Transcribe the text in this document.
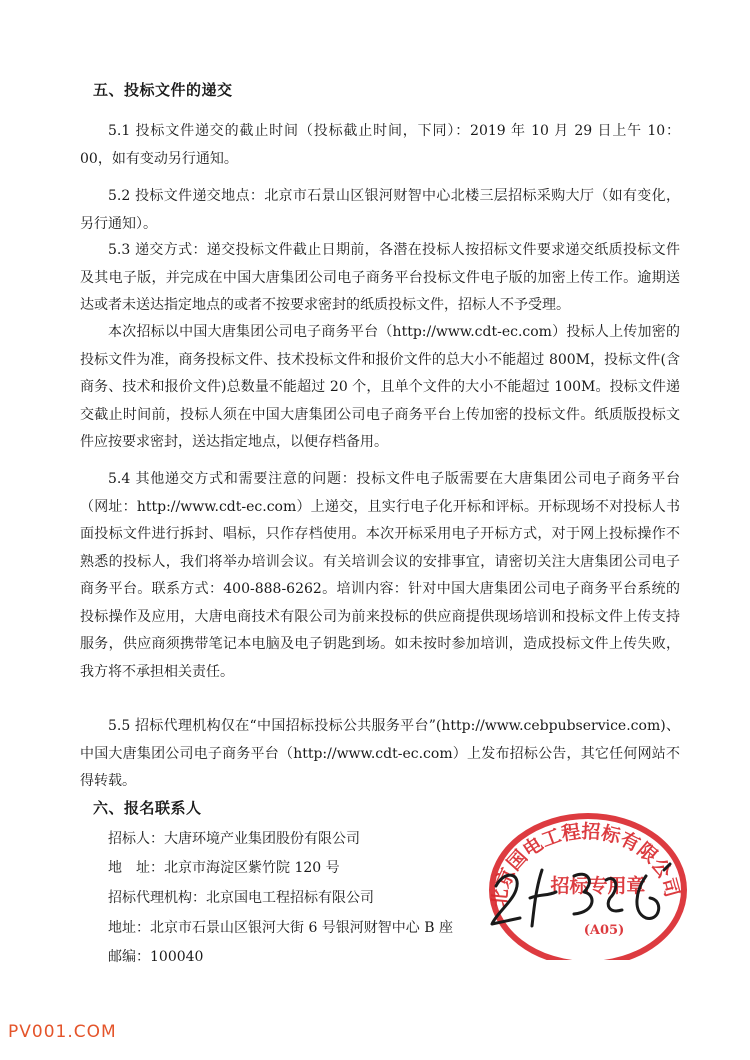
五、投标文件的递交

5.1 投标文件递交的截止时间（投标截止时间，下同）：2019 年 10 月 29 日上午 10：00，如有变动另行通知。

5.2 投标文件递交地点：北京市石景山区银河财智中心北楼三层招标采购大厅（如有变化，另行通知）。

5.3 递交方式：递交投标文件截止日期前，各潜在投标人按招标文件要求递交纸质投标文件及其电子版，并完成在中国大唐集团公司电子商务平台投标文件电子版的加密上传工作。逾期送达或者未送达指定地点的或者不按要求密封的纸质投标文件，招标人不予受理。

本次招标以中国大唐集团公司电子商务平台（http://www.cdt-ec.com）投标人上传加密的投标文件为准，商务投标文件、技术投标文件和报价文件的总大小不能超过 800M，投标文件(含商务、技术和报价文件)总数量不能超过 20 个，且单个文件的大小不能超过 100M。投标文件递交截止时间前，投标人须在中国大唐集团公司电子商务平台上传加密的投标文件。纸质版投标文件应按要求密封，送达指定地点，以便存档备用。

5.4 其他递交方式和需要注意的问题：投标文件电子版需要在大唐集团公司电子商务平台（网址：http://www.cdt-ec.com）上递交，且实行电子化开标和评标。开标现场不对投标人书面投标文件进行拆封、唱标，只作存档使用。本次开标采用电子开标方式，对于网上投标操作不熟悉的投标人，我们将举办培训会议。有关培训会议的安排事宜，请密切关注大唐集团公司电子商务平台。联系方式：400-888-6262。培训内容：针对中国大唐集团公司电子商务平台系统的投标操作及应用，大唐电商技术有限公司为前来投标的供应商提供现场培训和投标文件上传支持服务，供应商须携带笔记本电脑及电子钥匙到场。如未按时参加培训，造成投标文件上传失败，我方将不承担相关责任。

5.5 招标代理机构仅在“中国招标投标公共服务平台”(http://www.cebpubservice.com)、中国大唐集团公司电子商务平台（http://www.cdt-ec.com）上发布招标公告，其它任何网站不得转载。

六、报名联系人
招标人：大唐环境产业集团股份有限公司
地　址：北京市海淀区紫竹院 120 号
招标代理机构：北京国电工程招标有限公司
地址：北京市石景山区银河大街 6 号银河财智中心 B 座
邮编：100040
北京国电工程招标有限公司
招标专用章
(A05)
PV001.COM
